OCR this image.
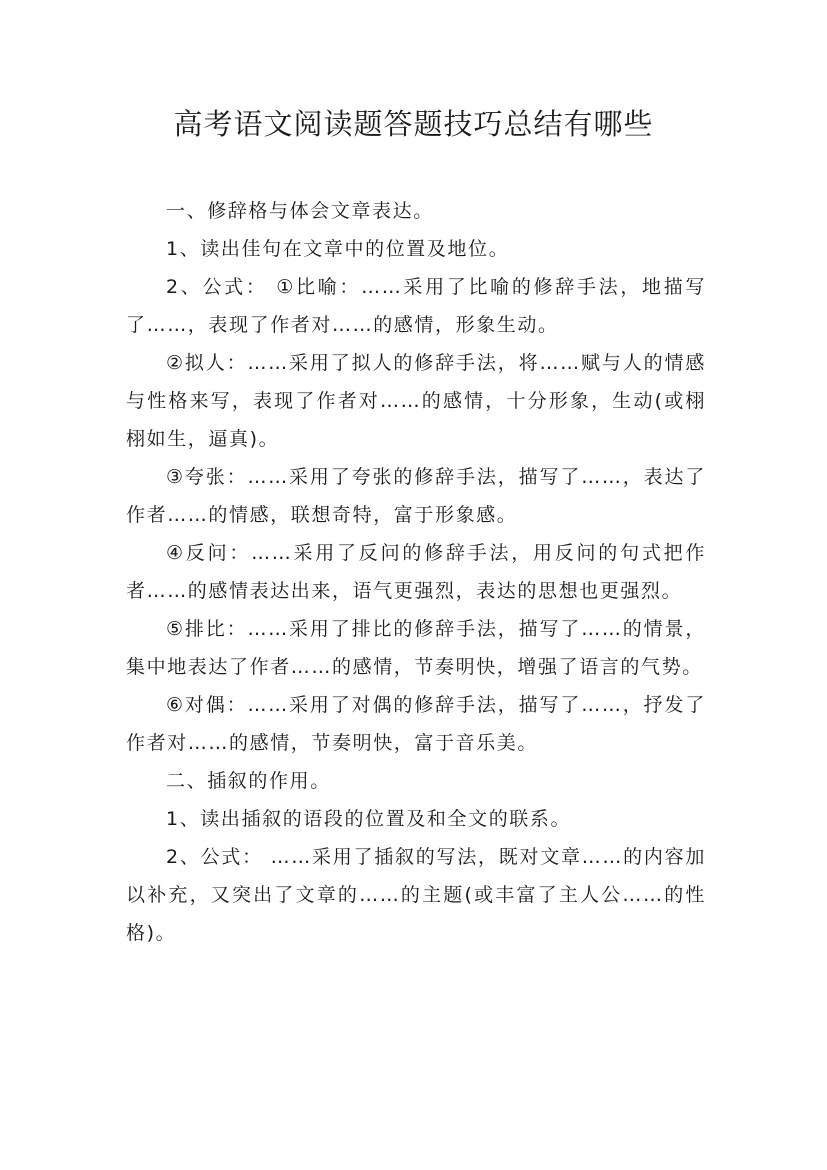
高考语文阅读题答题技巧总结有哪些

一、修辞格与体会文章表达。

1、读出佳句在文章中的位置及地位。

2、公式： ①比喻：……采用了比喻的修辞手法，地描写了……，表现了作者对……的感情，形象生动。

②拟人：……采用了拟人的修辞手法，将……赋与人的情感与性格来写，表现了作者对……的感情，十分形象，生动(或栩栩如生，逼真)。

③夸张：……采用了夸张的修辞手法，描写了……，表达了作者……的情感，联想奇特，富于形象感。

④反问：……采用了反问的修辞手法，用反问的句式把作者……的感情表达出来，语气更强烈，表达的思想也更强烈。

⑤排比：……采用了排比的修辞手法，描写了……的情景，集中地表达了作者……的感情，节奏明快，增强了语言的气势。

⑥对偶：……采用了对偶的修辞手法，描写了……，抒发了作者对……的感情，节奏明快，富于音乐美。

二、插叙的作用。

1、读出插叙的语段的位置及和全文的联系。

2、公式： ……采用了插叙的写法，既对文章……的内容加以补充，又突出了文章的……的主题(或丰富了主人公……的性格)。
